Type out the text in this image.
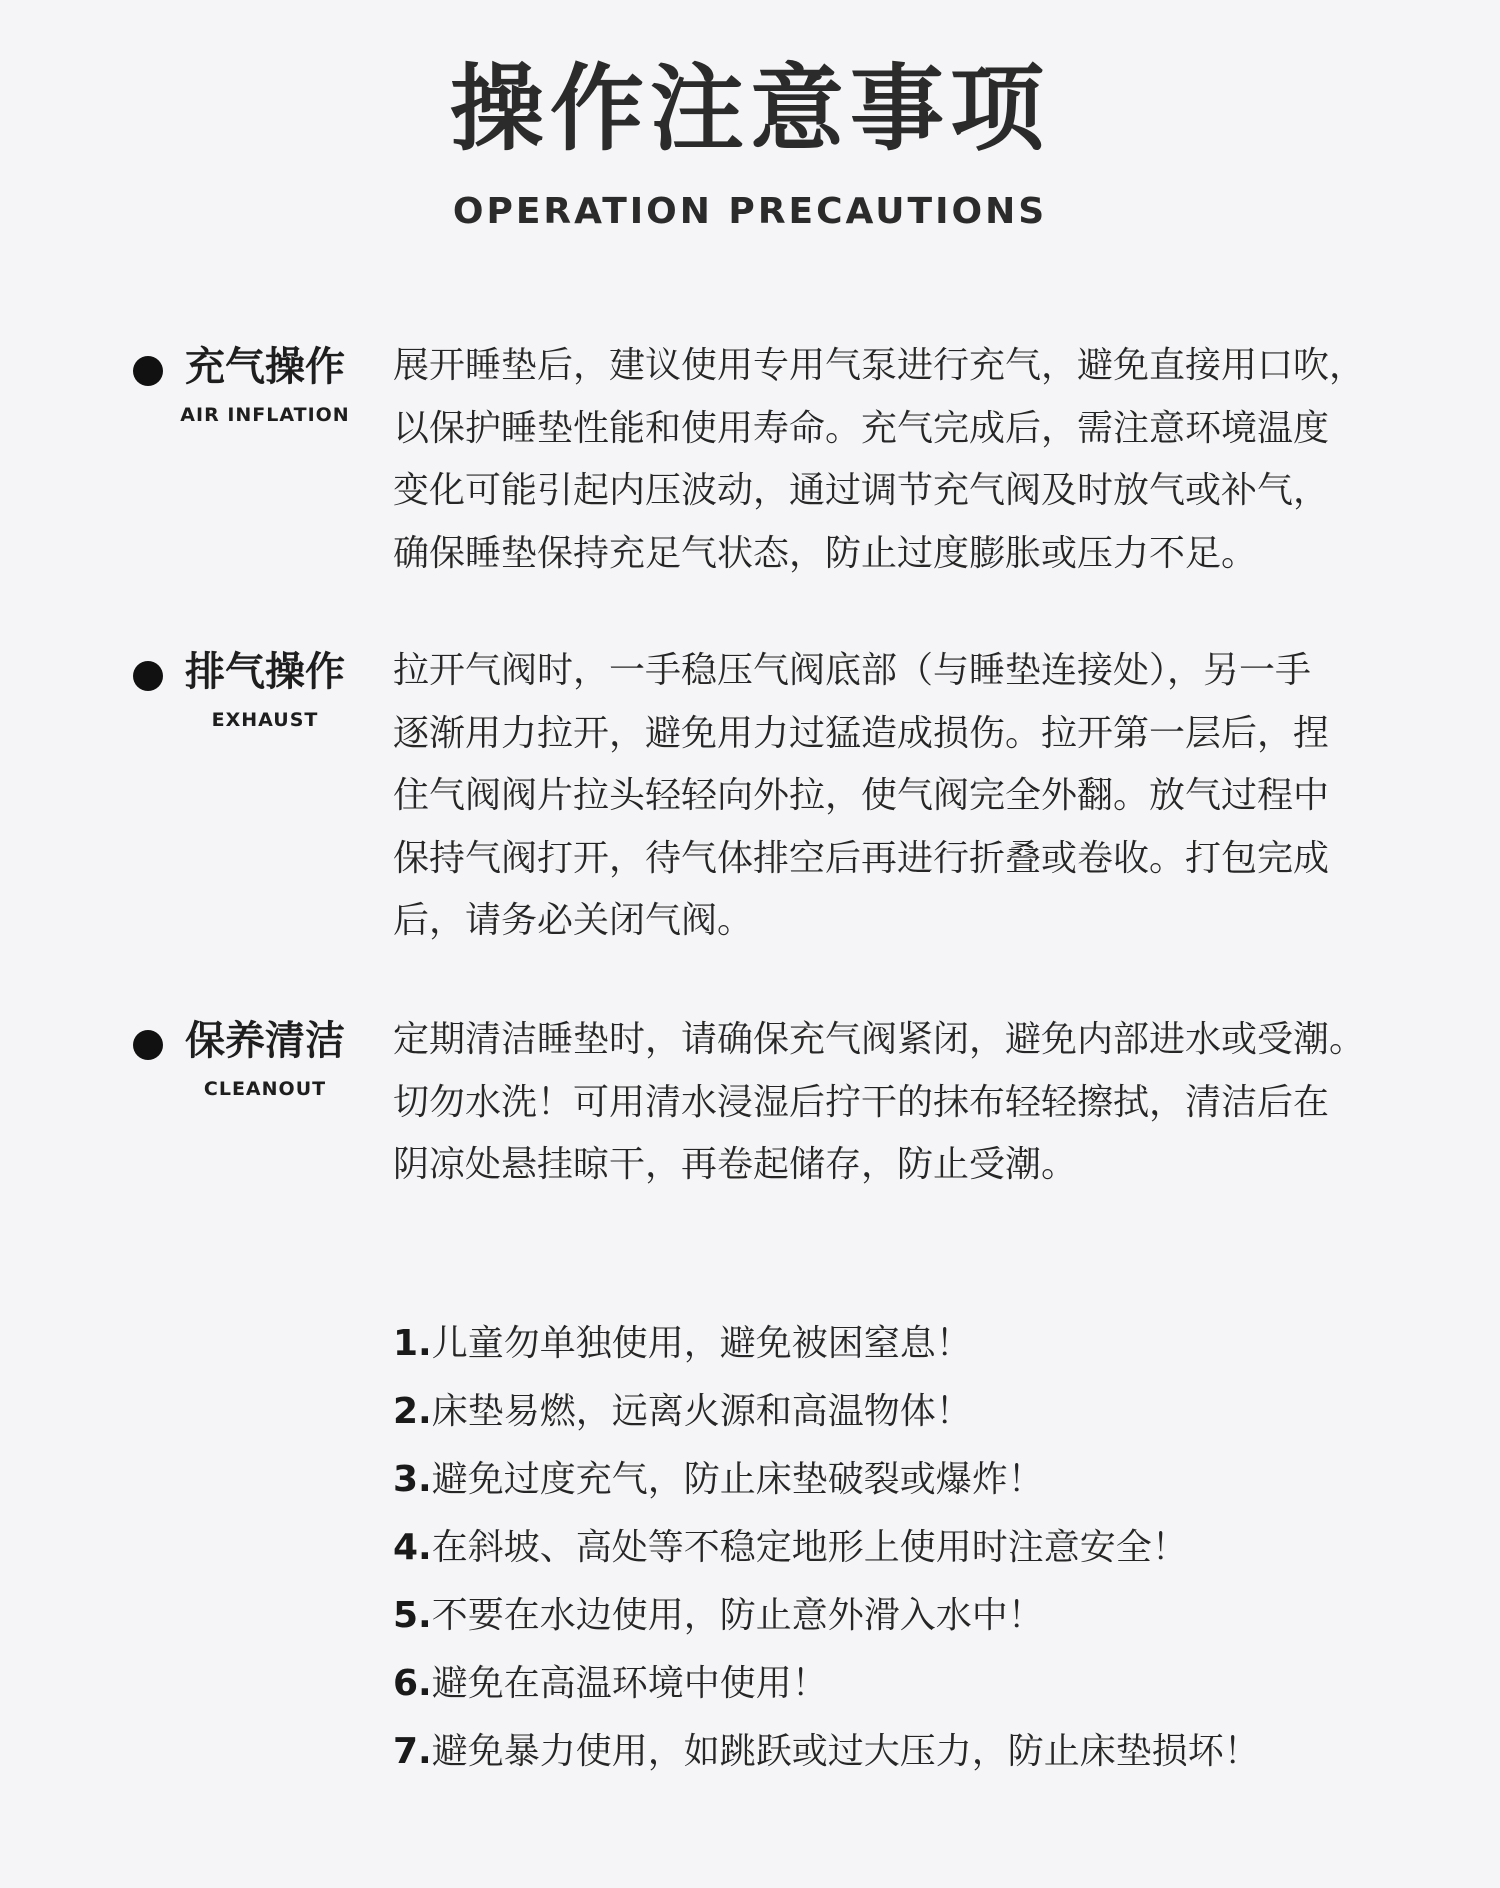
操作注意事项
OPERATION PRECAUTIONS
充气操作
AIR INFLATION
展开睡垫后，建议使用专用气泵进行充气，避免直接用口吹，
以保护睡垫性能和使用寿命。充气完成后，需注意环境温度
变化可能引起内压波动，通过调节充气阀及时放气或补气，
确保睡垫保持充足气状态，防止过度膨胀或压力不足。
排气操作
EXHAUST
拉开气阀时，一手稳压气阀底部（与睡垫连接处），另一手
逐渐用力拉开，避免用力过猛造成损伤。拉开第一层后，捏
住气阀阀片拉头轻轻向外拉，使气阀完全外翻。放气过程中
保持气阀打开，待气体排空后再进行折叠或卷收。打包完成
后，请务必关闭气阀。
保养清洁
CLEANOUT
定期清洁睡垫时，请确保充气阀紧闭，避免内部进水或受潮。
切勿水洗！可用清水浸湿后拧干的抹布轻轻擦拭，清洁后在
阴凉处悬挂晾干，再卷起储存，防止受潮。
1.儿童勿单独使用，避免被困窒息！
2.床垫易燃，远离火源和高温物体！
3.避免过度充气，防止床垫破裂或爆炸！
4.在斜坡、高处等不稳定地形上使用时注意安全！
5.不要在水边使用，防止意外滑入水中！
6.避免在高温环境中使用！
7.避免暴力使用，如跳跃或过大压力，防止床垫损坏！
